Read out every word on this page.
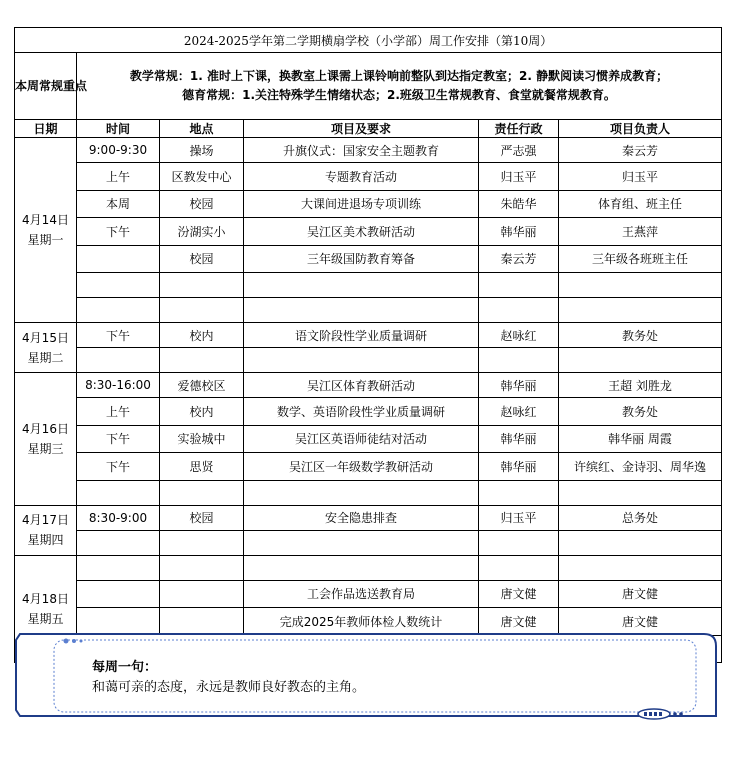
2024-2025学年第二学期横扇学校（小学部）周工作安排（第10周）					
本周常规重点	教学常规：1. 准时上下课，换教室上课需上课铃响前整队到达指定教室；2. 静默阅读习惯养成教育；
德育常规：1.关注特殊学生情绪状态；2.班级卫生常规教育、食堂就餐常规教育。				

日期	时间	地点	项目及要求	责任行政	项目负责人

4月14日
星期一	9:00-9:30	操场	升旗仪式：国家安全主题教育	严志强	秦云芳
	上午	区教发中心	专题教育活动	归玉平	归玉平
	本周	校园	大课间进退场专项训练	朱皓华	体育组、班主任
	下午	汾湖实小	吴江区美术教研活动	韩华丽	王燕萍
		校园	三年级国防教育筹备	秦云芳	三年级各班班主任

4月15日
星期二	下午	校内	语文阶段性学业质量调研	赵咏红	教务处

4月16日
星期三	8:30-16:00	爱德校区	吴江区体育教研活动	韩华丽	王超 刘胜龙
	上午	校内	数学、英语阶段性学业质量调研	赵咏红	教务处
	下午	实验城中	吴江区英语师徒结对活动	韩华丽	韩华丽 周霞
	下午	思贤	吴江区一年级数学教研活动	韩华丽	许缤红、金诗羽、周华逸

4月17日
星期四	8:30-9:00	校园	安全隐患排查	归玉平	总务处

4月18日
星期五					

			工会作品选送教育局	唐文健	唐文健
			完成2025年教师体检人数统计	唐文健	唐文健

每周一句：
和蔼可亲的态度，永远是教师良好教态的主角。
